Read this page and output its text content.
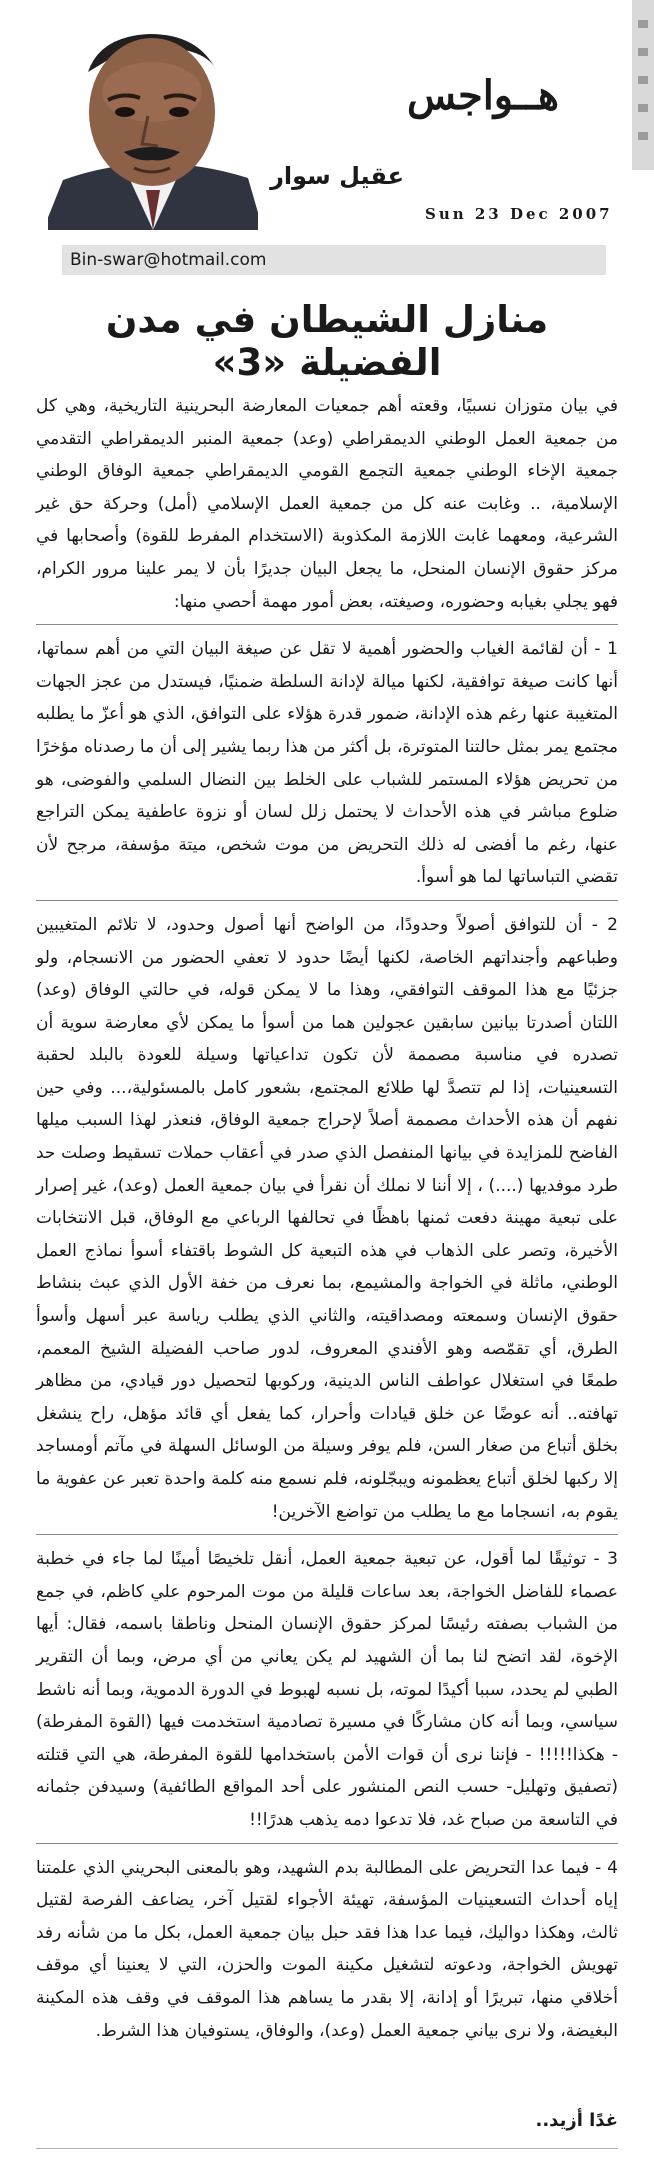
هــواجس
عقيل سوار
Sun 23 Dec 2007
Bin-swar@hotmail.com
منازل الشيطان في مدن الفضيلة «3»

في بيان متوزان نسبيًا، وقعته أهم جمعيات المعارضة البحرينية التاريخية، وهي كل من جمعية العمل الوطني الديمقراطي (وعد) جمعية المنبر الديمقراطي التقدمي جمعية الإخاء الوطني جمعية التجمع القومي الديمقراطي جمعية الوفاق الوطني الإسلامية، .. وغابت عنه كل من جمعية العمل الإسلامي (أمل) وحركة حق غير الشرعية، ومعهما غابت اللازمة المكذوبة (الاستخدام المفرط للقوة) وأصحابها في مركز حقوق الإنسان المنحل، ما يجعل البيان جديرًا بأن لا يمر علينا مرور الكرام، فهو يجلي بغيابه وحضوره، وصيغته، بعض أمور مهمة أحصي منها:

1 - أن لقائمة الغياب والحضور أهمية لا تقل عن صيغة البيان التي من أهم سماتها، أنها كانت صيغة توافقية، لكنها ميالة لإدانة السلطة ضمنيًا، فيستدل من عجز الجهات المتغيبة عنها رغم هذه الإدانة، ضمور قدرة هؤلاء على التوافق، الذي هو أعزّ ما يطلبه مجتمع يمر بمثل حالتنا المتوترة، بل أكثر من هذا ربما يشير إلى أن ما رصدناه مؤخرًا من تحريض هؤلاء المستمر للشباب على الخلط بين النضال السلمي والفوضى، هو ضلوع مباشر في هذه الأحداث لا يحتمل زلل لسان أو نزوة عاطفية يمكن التراجع عنها، رغم ما أفضى له ذلك التحريض من موت شخص، ميتة مؤسفة، مرجح لأن تقضي التباساتها لما هو أسوأ.

2 - أن للتوافق أصولاً وحدودًا، من الواضح أنها أصول وحدود، لا تلائم المتغيبين وطباعهم وأجنداتهم الخاصة، لكنها أيضًا حدود لا تعفي الحضور من الانسجام، ولو جزئيًا مع هذا الموقف التوافقي، وهذا ما لا يمكن قوله، في حالتي الوفاق (وعد) اللتان أصدرتا بيانين سابقين عجولين هما من أسوأ ما يمكن لأي معارضة سوية أن تصدره في مناسبة مصممة لأن تكون تداعياتها وسيلة للعودة بالبلد لحقبة التسعينيات، إذا لم تتصدَّ لها طلائع المجتمع، بشعور كامل بالمسئولية،... وفي حين نفهم أن هذه الأحداث مصممة أصلاً لإحراج جمعية الوفاق، فنعذر لهذا السبب ميلها الفاضح للمزايدة في بيانها المنفصل الذي صدر في أعقاب حملات تسقيط وصلت حد طرد موفديها (....) ، إلا أننا لا نملك أن نقرأ في بيان جمعية العمل (وعد)، غير إصرار على تبعية مهينة دفعت ثمنها باهظًا في تحالفها الرباعي مع الوفاق، قبل الانتخابات الأخيرة، وتصر على الذهاب في هذه التبعية كل الشوط باقتفاء أسوأ نماذج العمل الوطني، ماثلة في الخواجة والمشيمع، بما نعرف من خفة الأول الذي عبث بنشاط حقوق الإنسان وسمعته ومصداقيته، والثاني الذي يطلب رياسة عبر أسهل وأسوأ الطرق، أي تقمّصه وهو الأفندي المعروف، لدور صاحب الفضيلة الشيخ المعمم، طمعًا في استغلال عواطف الناس الدينية، وركوبها لتحصيل دور قيادي، من مظاهر تهافته.. أنه عوضًا عن خلق قيادات وأحرار، كما يفعل أي قائد مؤهل، راح ينشغل بخلق أتباع من صغار السن، فلم يوفر وسيلة من الوسائل السهلة في مآتم أومساجد إلا ركبها لخلق أتباع يعظمونه ويبجّلونه، فلم نسمع منه كلمة واحدة تعبر عن عفوية ما يقوم به، انسجاما مع ما يطلب من تواضع الآخرين!

3 - توثيقًا لما أقول، عن تبعية جمعية العمل، أنقل تلخيصًا أمينًا لما جاء في خطبة عصماء للفاضل الخواجة، بعد ساعات قليلة من موت المرحوم علي كاظم، في جمع من الشباب بصفته رئيسًا لمركز حقوق الإنسان المنحل وناطقا باسمه، فقال: أيها الإخوة، لقد اتضح لنا بما أن الشهيد لم يكن يعاني من أي مرض، وبما أن التقرير الطبي لم يحدد، سببا أكيدًا لموته، بل نسبه لهبوط في الدورة الدموية، وبما أنه ناشط سياسي، وبما أنه كان مشاركًا في مسيرة تصادمية استخدمت فيها (القوة المفرطة) - هكذا!!!!! - فإننا نرى أن قوات الأمن باستخدامها للقوة المفرطة، هي التي قتلته (تصفيق وتهليل- حسب النص المنشور على أحد المواقع الطائفية) وسيدفن جثمانه في التاسعة من صباح غد، فلا تدعوا دمه يذهب هدرًا!!

4 - فيما عدا التحريض على المطالبة بدم الشهيد، وهو بالمعنى البحريني الذي علمتنا إياه أحداث التسعينيات المؤسفة، تهيئة الأجواء لقتيل آخر، يضاعف الفرصة لقتيل ثالث، وهكذا دواليك، فيما عدا هذا فقد حبل بيان جمعية العمل، بكل ما من شأنه رفد تهويش الخواجة، ودعوته لتشغيل مكينة الموت والحزن، التي لا يعنينا أي موقف أخلاقي منها، تبريرًا أو إدانة، إلا بقدر ما يساهم هذا الموقف في وقف هذه المكينة البغيضة، ولا نرى بياني جمعية العمل (وعد)، والوفاق، يستوفيان هذا الشرط.

غدًا أزيد..
